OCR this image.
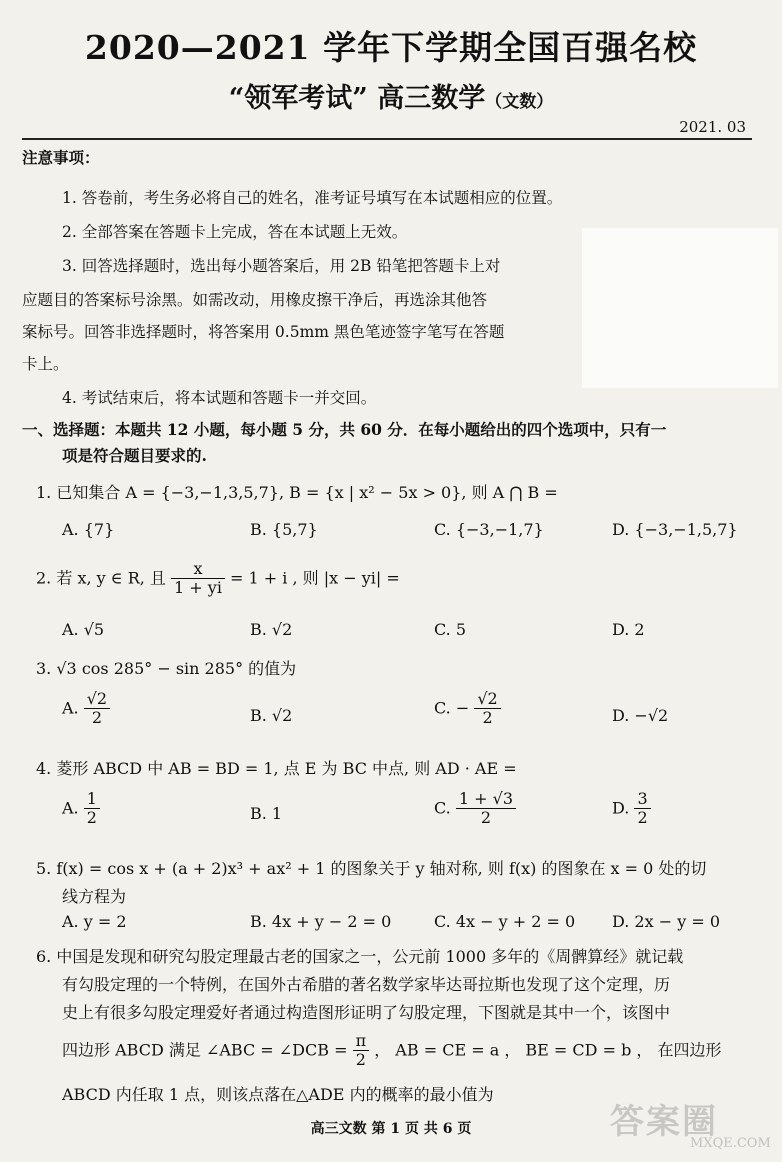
2020—2021 学年下学期全国百强名校
“领军考试” 高三数学（文数）
2021. 03
注意事项：
1. 答卷前，考生务必将自己的姓名，准考证号填写在本试题相应的位置。
2. 全部答案在答题卡上完成，答在本试题上无效。
3. 回答选择题时，选出每小题答案后，用 2B 铅笔把答题卡上对
应题目的答案标号涂黑。如需改动，用橡皮擦干净后，再选涂其他答
案标号。回答非选择题时，将答案用 0.5mm 黑色笔迹签字笔写在答题
卡上。
4. 考试结束后，将本试题和答题卡一并交回。
一、选择题：本题共 12 小题，每小题 5 分，共 60 分．在每小题给出的四个选项中，只有一
项是符合题目要求的.
1. 已知集合 A = {−3,−1,3,5,7}, B = {x | x² − 5x > 0}, 则 A ⋂ B =
A. {7}	B. {5,7}	C. {−3,−1,7}	D. {−3,−1,5,7}
2. 若 x, y ∈ R, 且 $\frac{x}{1 + yi} = 1 + i$ , 则 |x − yi| =
A. √5	B. √2	C. 5	D. 2
3. √3 cos 285° − sin 285° 的值为
A. $\frac{√2}{2}$	B. √2	C. − $\frac{√2}{2}$	D. −√2
4. 菱形 ABCD 中 AB = BD = 1, 点 E 为 BC 中点, 则 AD · AE =
A. $\frac{1}{2}$	B. 1	C. $\frac{1 + √3}{2}$	D. $\frac{3}{2}$
5. f(x) = cos x + (a + 2)x³ + ax² + 1 的图象关于 y 轴对称, 则 f(x) 的图象在 x = 0 处的切
线方程为
A. y = 2	B. 4x + y − 2 = 0	C. 4x − y + 2 = 0 D. 2x − y = 0
6. 中国是发现和研究勾股定理最古老的国家之一，公元前 1000 多年的《周髀算经》就记载
有勾股定理的一个特例，在国外古希腊的著名数学家毕达哥拉斯也发现了这个定理，历
史上有很多勾股定理爱好者通过构造图形证明了勾股定理，下图就是其中一个，该图中
四边形 ABCD 满足 ∠ABC = ∠DCB = $\frac{\pi}{2}$ ， AB = CE = a ， BE = CD = b ， 在四边形
ABCD 内任取 1 点，则该点落在△ADE 内的概率的最小值为
答案圈
MXQE.COM
高三文数 第 1 页 共 6 页
